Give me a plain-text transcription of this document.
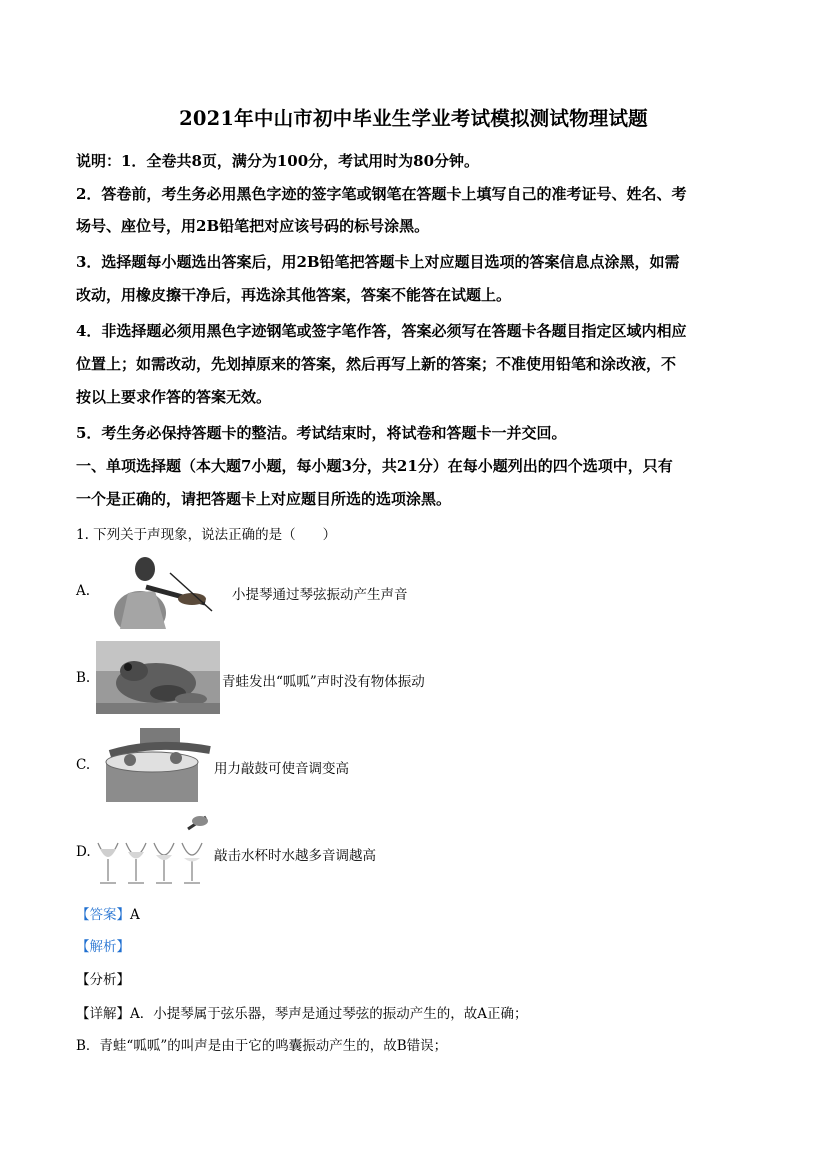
2021年中山市初中毕业生学业考试模拟测试物理试题
说明：1．全卷共8页，满分为100分，考试用时为80分钟。
2．答卷前，考生务必用黑色字迹的签字笔或钢笔在答题卡上填写自己的准考证号、姓名、考
场号、座位号，用2B铅笔把对应该号码的标号涂黑。
3．选择题每小题选出答案后，用2B铅笔把答题卡上对应题目选项的答案信息点涂黑，如需
改动，用橡皮擦干净后，再选涂其他答案，答案不能答在试题上。
4．非选择题必须用黑色字迹钢笔或签字笔作答，答案必须写在答题卡各题目指定区域内相应
位置上；如需改动，先划掉原来的答案，然后再写上新的答案；不准使用铅笔和涂改液，不
按以上要求作答的答案无效。
5．考生务必保持答题卡的整洁。考试结束时，将试卷和答题卡一并交回。
一、单项选择题（本大题7小题，每小题3分，共21分）在每小题列出的四个选项中，只有
一个是正确的，请把答题卡上对应题目所选的选项涂黑。
1. 下列关于声现象，说法正确的是（　　）
A.	小提琴通过琴弦振动产生声音
B.	青蛙发出“呱呱”声时没有物体振动
C.	用力敲鼓可使音调变高
D.	敲击水杯时水越多音调越高
【答案】A
【解析】
【分析】
【详解】A．小提琴属于弦乐器，琴声是通过琴弦的振动产生的，故A正确；
B．青蛙“呱呱”的叫声是由于它的鸣囊振动产生的，故B错误；
